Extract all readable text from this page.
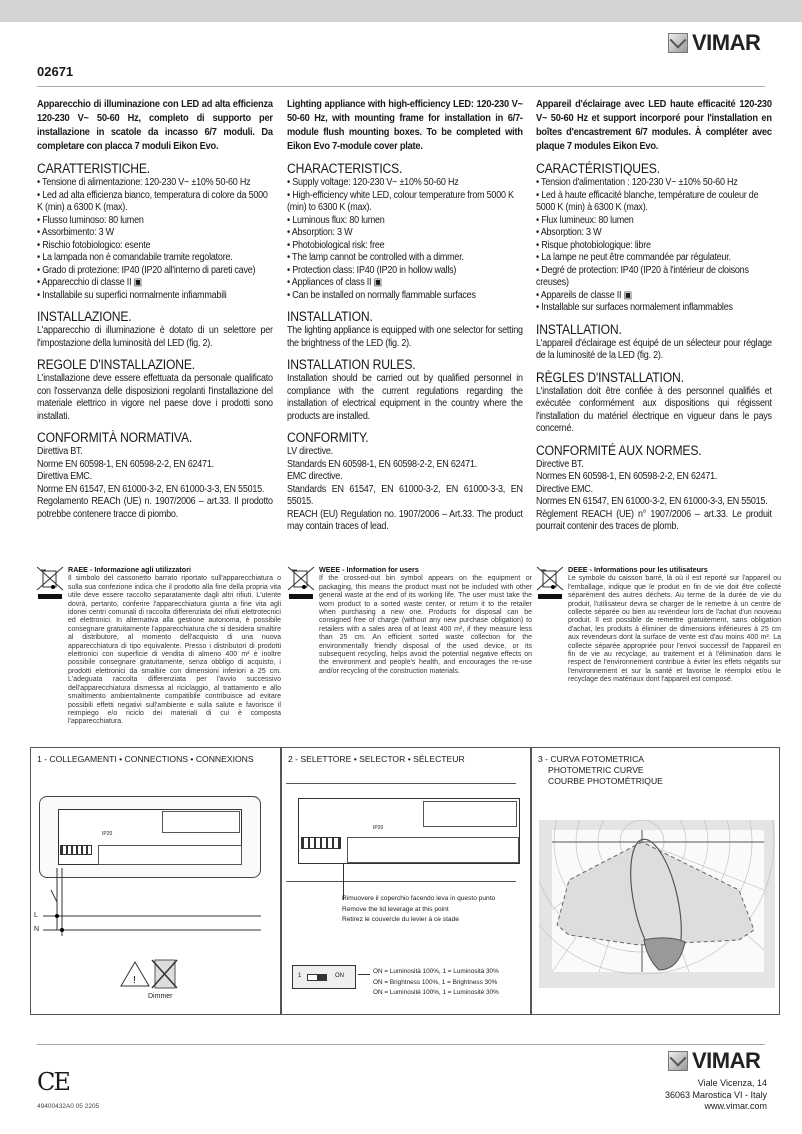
VIMAR
02671
Apparecchio di illuminazione con LED ad alta efficienza 120-230 V~ 50-60 Hz, completo di supporto per installazione in scatole da incasso 6/7 moduli. Da completare con placca 7 moduli Eikon Evo.
CARATTERISTICHE.
• Tensione di alimentazione: 120-230 V~ ±10% 50-60 Hz
• Led ad alta efficienza bianco, temperatura di colore da 5000 K (min) a 6300 K (max).
• Flusso luminoso: 80 lumen
• Assorbimento: 3 W
• Rischio fotobiologico: esente
• La lampada non è comandabile tramite regolatore.
• Grado di protezione: IP40 (IP20 all'interno di pareti cave)
• Apparecchio di classe II ▣
• Installabile su superfici normalmente infiammabili
INSTALLAZIONE.

L'apparecchio di illuminazione è dotato di un selettore per l'impostazione della luminosità del LED (fig. 2).

REGOLE D'INSTALLAZIONE.

L'installazione deve essere effettuata da personale qualificato con l'osservanza delle disposizioni regolanti l'installazione del materiale elettrico in vigore nel paese dove i prodotti sono installati.

CONFORMITÀ NORMATIVA.

Direttiva BT.

Norme EN 60598-1, EN 60598-2-2, EN 62471.

Direttiva EMC.

Norme EN 61547, EN 61000-3-2, EN 61000-3-3, EN 55015.

Regolamento REACh (UE) n. 1907/2006 – art.33. Il prodotto potrebbe contenere tracce di piombo.

Lighting appliance with high-efficiency LED: 120-230 V~ 50-60 Hz, with mounting frame for installation in 6/7-module flush mounting boxes. To be completed with Eikon Evo 7-module cover plate.
CHARACTERISTICS.
• Supply voltage: 120-230 V~ ±10% 50-60 Hz
• High-efficiency white LED, colour temperature from 5000 K (min) to 6300 K (max).
• Luminous flux: 80 lumen
• Absorption: 3 W
• Photobiological risk: free
• The lamp cannot be controlled with a dimmer.
• Protection class: IP40 (IP20 in hollow walls)
• Appliances of class II ▣
• Can be installed on normally flammable surfaces
INSTALLATION.

The lighting appliance is equipped with one selector for setting the brightness of the LED (fig. 2).

INSTALLATION RULES.

Installation should be carried out by qualified personnel in compliance with the current regulations regarding the installation of electrical equipment in the country where the products are installed.

CONFORMITY.

LV directive.

Standards EN 60598-1, EN 60598-2-2, EN 62471.

EMC directive.

Standards EN 61547, EN 61000-3-2, EN 61000-3-3, EN 55015.

REACH (EU) Regulation no. 1907/2006 – Art.33. The product may contain traces of lead.

Appareil d'éclairage avec LED haute efficacité 120-230 V~ 50-60 Hz et support incorporé pour l'installation en boîtes d'encastrement 6/7 modules. À compléter avec plaque 7 modules Eikon Evo.
CARACTÉRISTIQUES.
• Tension d'alimentation : 120-230 V~ ±10% 50-60 Hz
• Led à haute efficacité blanche, température de couleur de 5000 K (min) à 6300 K (max).
• Flux lumineux: 80 lumen
• Absorption: 3 W
• Risque photobiologique: libre
• La lampe ne peut être commandée par régulateur.
• Degré de protection: IP40 (IP20 à l'intérieur de cloisons creuses)
• Appareils de classe II ▣
• Installable sur surfaces normalement inflammables
INSTALLATION.

L'appareil d'éclairage est équipé de un sélecteur pour réglage de la luminosité de la LED (fig. 2).

RÈGLES D'INSTALLATION.

L'installation doit être confiée à des personnel qualifiés et exécutée conformément aux dispositions qui régissent l'installation du matériel électrique en vigueur dans le pays concerné.

CONFORMITÉ AUX NORMES.

Directive BT.

Normes EN 60598-1, EN 60598-2-2, EN 62471.

Directive EMC.

Normes EN 61547, EN 61000-3-2, EN 61000-3-3, EN 55015.

Règlement REACH (UE) n° 1907/2006 – art.33. Le produit pourrait contenir des traces de plomb.

RAEE - Informazione agli utilizzatori
Il simbolo del cassonetto barrato riportato sull'apparecchiatura o sulla sua confezione indica che il prodotto alla fine della propria vita utile deve essere raccolto separatamente dagli altri rifiuti. L'utente dovrà, pertanto, conferire l'apparecchiatura giunta a fine vita agli idonei centri comunali di raccolta differenziata dei rifiuti elettrotecnici ed elettronici. In alternativa alla gestione autonoma, è possibile consegnare gratuitamente l'apparecchiatura che si desidera smaltire al distributore, al momento dell'acquisto di una nuova apparecchiatura di tipo equivalente. Presso i distributori di prodotti elettronici con superficie di vendita di almeno 400 m² è inoltre possibile consegnare gratuitamente, senza obbligo di acquisto, i prodotti elettronici da smaltire con dimensioni inferiori a 25 cm. L'adeguata raccolta differenziata per l'avvio successivo dell'apparecchiatura dismessa al riciclaggio, al trattamento e allo smaltimento ambientalmente compatibile contribuisce ad evitare possibili effetti negativi sull'ambiente e sulla salute e favorisce il reimpiego e/o riciclo dei materiali di cui è composta l'apparecchiatura.
WEEE - Information for users
If the crossed-out bin symbol appears on the equipment or packaging, this means the product must not be included with other general waste at the end of its working life. The user must take the worn product to a sorted waste center, or return it to the retailer when purchasing a new one. Products for disposal can be consigned free of charge (without any new purchase obligation) to retailers with a sales area of at least 400 m², if they measure less than 25 cm. An efficient sorted waste collection for the environmentally friendly disposal of the used device, or its subsequent recycling, helps avoid the potential negative effects on the environment and people's health, and encourages the re-use and/or recycling of the construction materials.
DEEE - Informations pour les utilisateurs
Le symbole du caisson barré, là où il est reporté sur l'appareil ou l'emballage, indique que le produit en fin de vie doit être collecté séparément des autres déchets. Au terme de la durée de vie du produit, l'utilisateur devra se charger de le remettre à un centre de collecte séparée ou bien au revendeur lors de l'achat d'un nouveau produit. Il est possible de remettre gratuitement, sans obligation d'achat, les produits à éliminer de dimensions inférieures à 25 cm aux revendeurs dont la surface de vente est d'au moins 400 m². La collecte séparée appropriée pour l'envoi successif de l'appareil en fin de vie au recyclage, au traitement et à l'élimination dans le respect de l'environnement contribue à éviter les effets négatifs sur l'environnement et sur la santé et favorise le réemploi et/ou le recyclage des matériaux dont l'appareil est composé.
1 - COLLEGAMENTI • CONNECTIONS • CONNEXIONS
IP20
L
N
!
Dimmer
2 - SELETTORE • SELECTOR • SÉLECTEUR
IP20
Rimuovere il coperchio facendo leva in questo punto
Remove the lid leverage at this point
Retirez le couvercle du levier à ce stade
1	ON
ON = Luminosità 100%, 1 = Luminosità 30%
ON = Brightness 100%, 1 = Brightness 30%
ON = Luminosité 100%, 1 = Luminosité 30%
3 - CURVA FOTOMETRICA
PHOTOMETRIC CURVE
COURBE PHOTOMÉTRIQUE
CE
49400432A0 05 2205
VIMAR
Viale Vicenza, 14
36063 Marostica VI - Italy
www.vimar.com
